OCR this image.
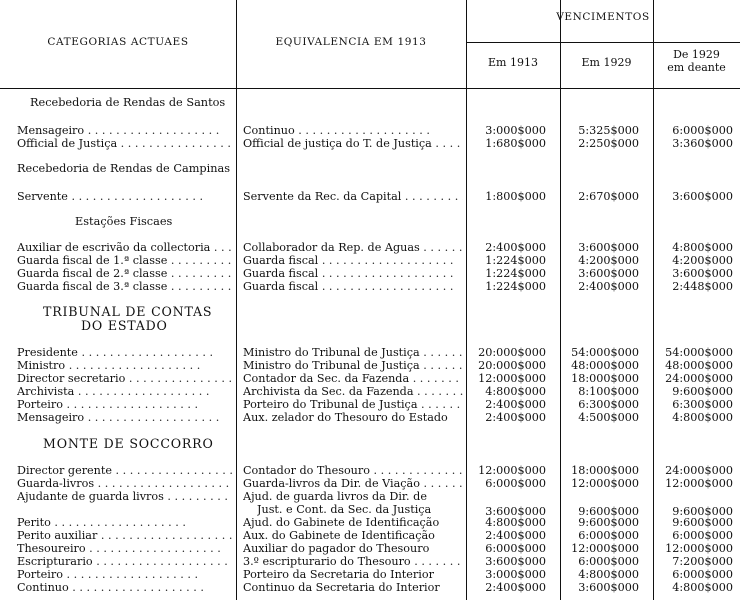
CATEGORIAS ACTUAES	EQUIVALENCIA EM 1913
VENCIMENTOS
Em 1913	Em 1929
De 1929
em deante
Recebedoria de Rendas de Santos
Mensageiro . .	Continuo . .	3:000$000	5:325$000	6:000$000
Official de Justiça . .	Official de justiça do T. de Justiça . .	1:680$000	2:250$000	3:360$000
Recebedoria de Rendas de Campinas
Servente . .	Servente da Rec. da Capital . .	1:800$000	2:670$000	3:600$000
Estações Fiscaes
Auxiliar de escrivão da collectoria . .	Collaborador da Rep. de Aguas . .	2:400$000	3:600$000	4:800$000
Guarda fiscal de 1.ª classe . .	Guarda fiscal . .	1:224$000	4:200$000	4:200$000
Guarda fiscal de 2.ª classe . .	Guarda fiscal . .	1:224$000	3:600$000	3:600$000
Guarda fiscal de 3.ª classe . .	Guarda fiscal . .	1:224$000	2:400$000	2:448$000
TRIBUNAL DE CONTAS
DO ESTADO
Presidente . .	Ministro do Tribunal de Justiça . .	20:000$000	54:000$000	54:000$000
Ministro . .	Ministro do Tribunal de Justiça . .	20:000$000	48:000$000	48:000$000
Director secretario . .	Contador da Sec. da Fazenda . .	12:000$000	18:000$000	24:000$000
Archivista . .	Archivista da Sec. da Fazenda . .	4:800$000	8:100$000	9:600$000
Porteiro . .	Porteiro do Tribunal de Justiça . .	2:400$000	6:300$000	6:300$000
Mensageiro . .	Aux. zelador do Thesouro do Estado	2:400$000	4:500$000	4:800$000
MONTE DE SOCCORRO
Director gerente . .	Contador do Thesouro . .	12:000$000	18:000$000	24:000$000
Guarda-livros . .	Guarda-livros da Dir. de Viação . .	6:000$000	12:000$000	12:000$000
Ajudante de guarda livros . .	Ajud. de guarda livros da Dir. de
Just. e Cont. da Sec. da Justiça	3:600$000	9:600$000	9:600$000
Perito . .	Ajud. do Gabinete de Identificação	4:800$000	9:600$000	9:600$000
Perito auxiliar . .	Aux. do Gabinete de Identificação	2:400$000	6:000$000	6:000$000
Thesoureiro . .	Auxiliar do pagador do Thesouro	6:000$000	12:000$000	12:000$000
Escripturario . .	3.º escripturario do Thesouro . .	3:600$000	6:000$000	7:200$000
Porteiro . .	Porteiro da Secretaria do Interior	3:000$000	4:800$000	6:000$000
Continuo . .	Continuo da Secretaria do Interior	2:400$000	3:600$000	4:800$000
